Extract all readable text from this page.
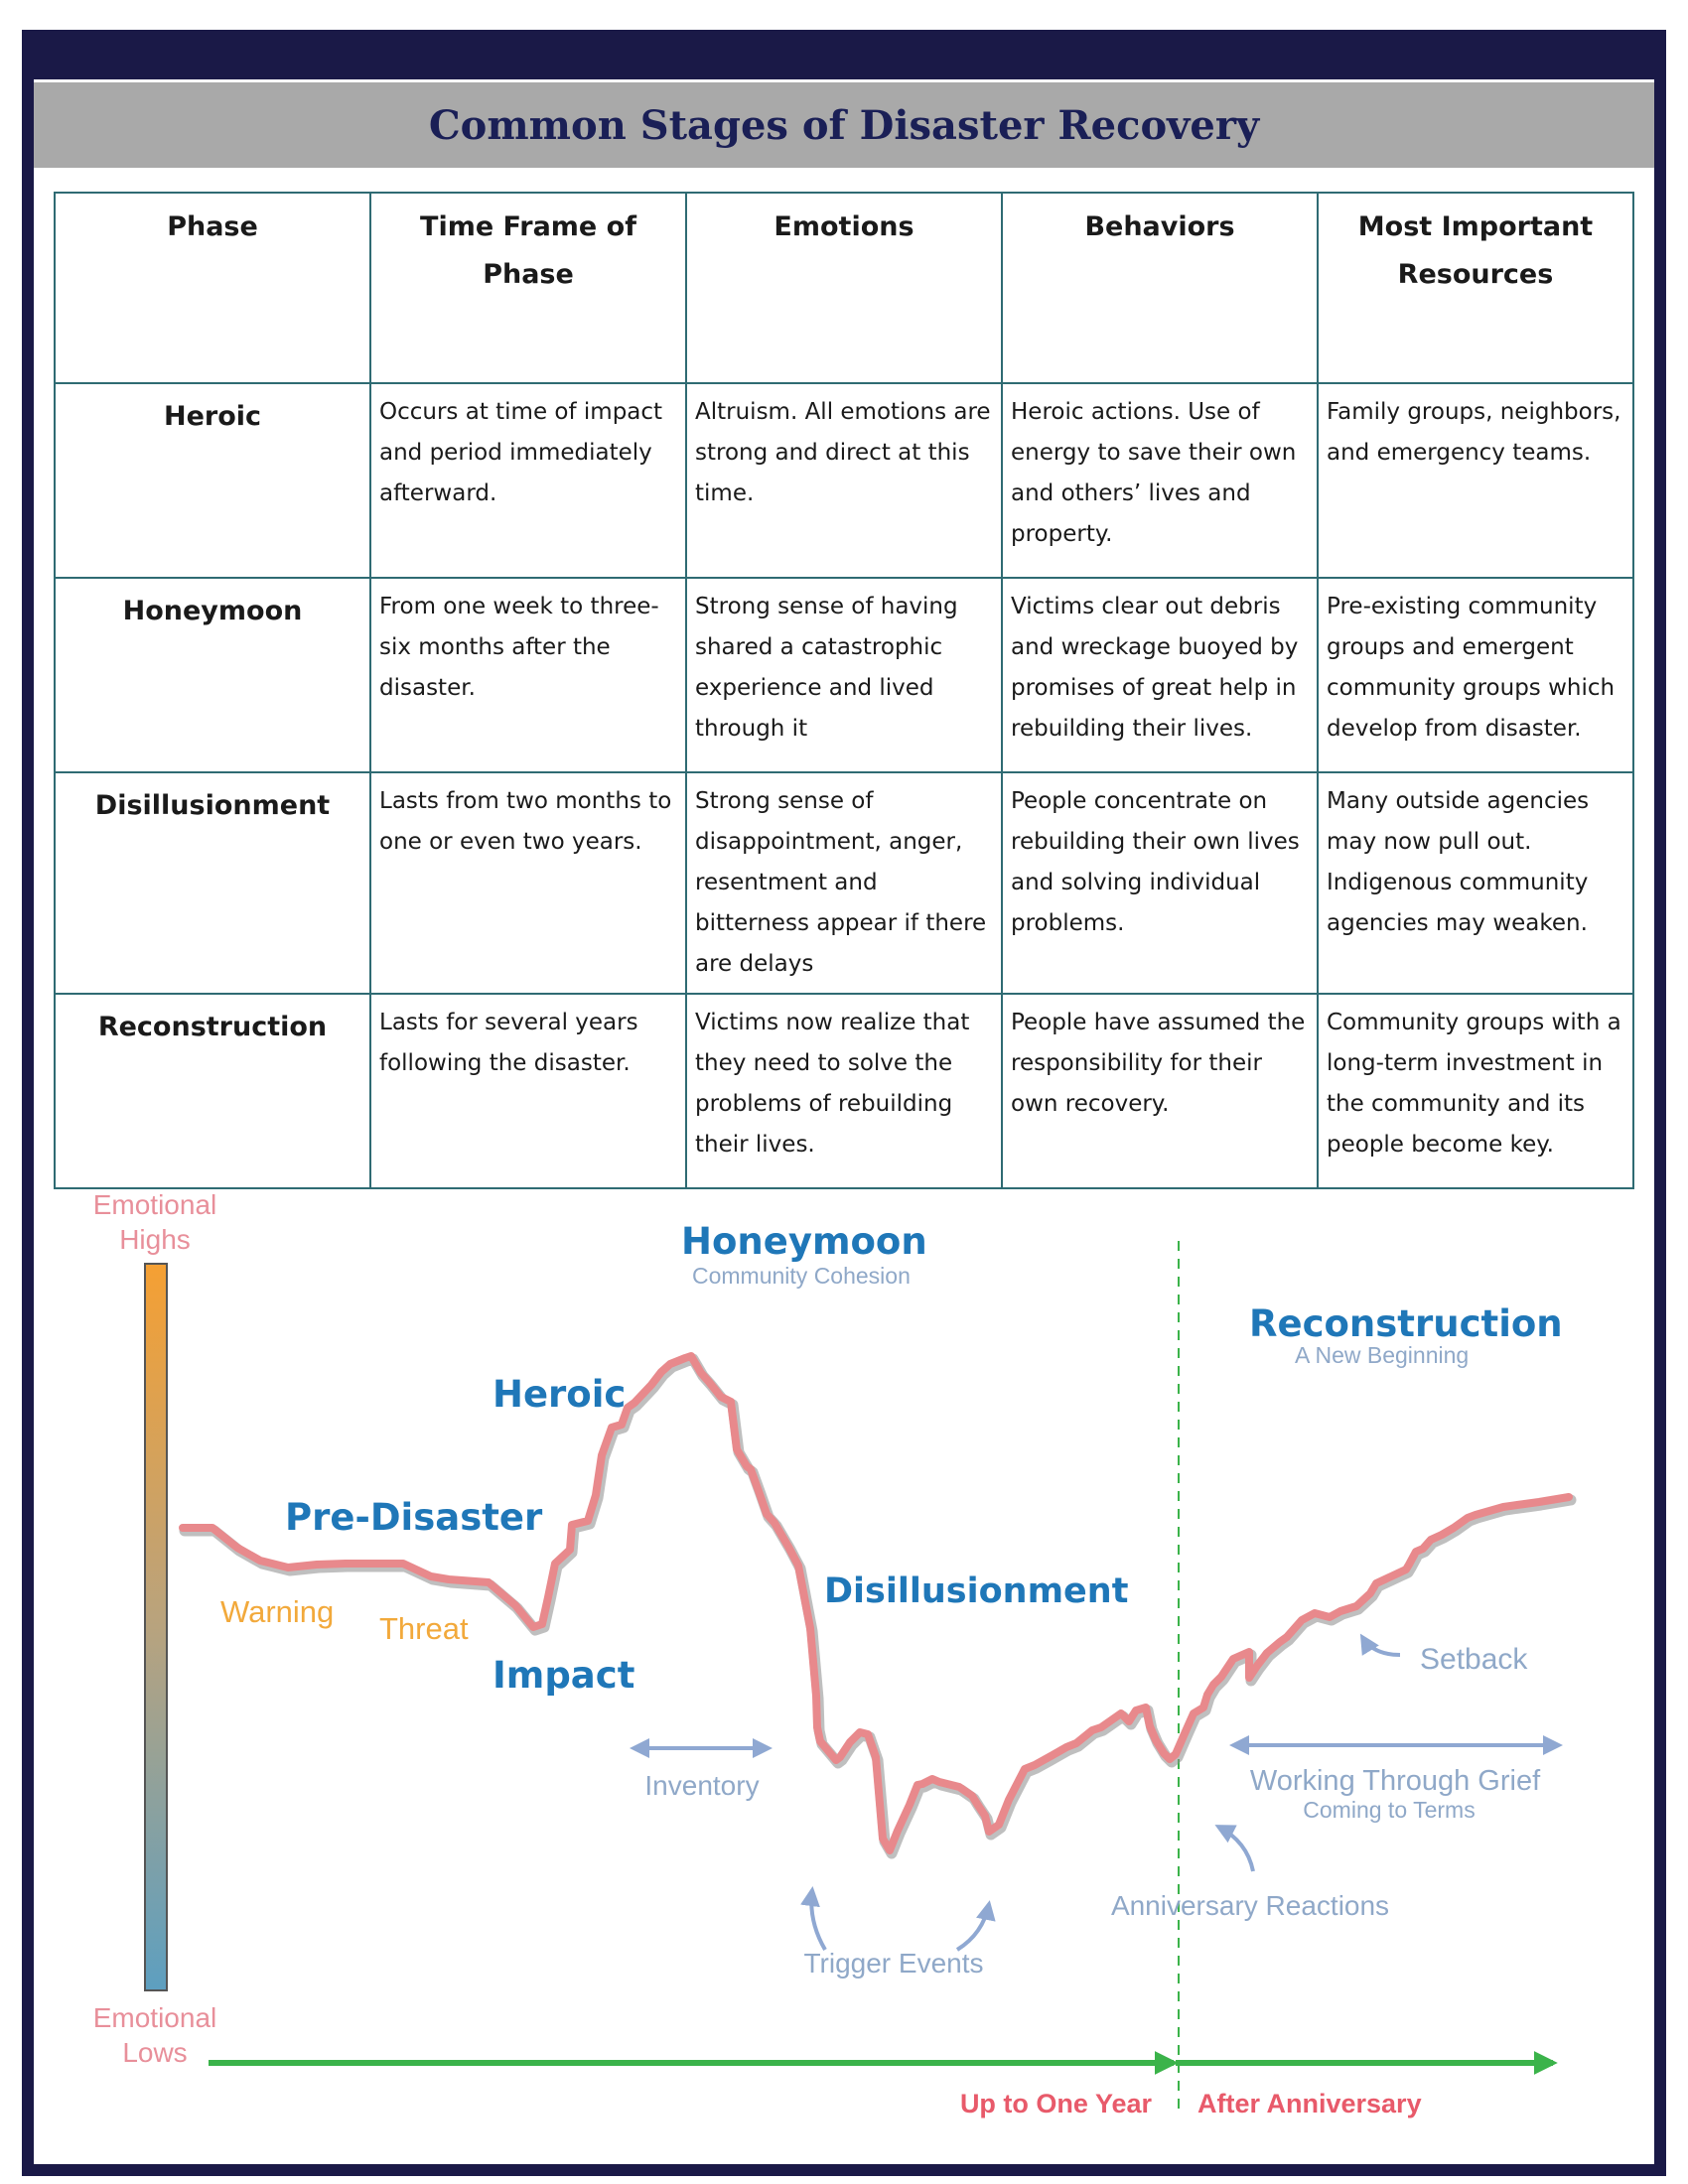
Common Stages of Disaster Recovery
Phase	Time Frame of Phase	Emotions	Behaviors	Most Important Resources
Heroic	Occurs at time of impact and period immediately afterward.	Altruism. All emotions are strong and direct at this time.	Heroic actions. Use of energy to save their own and others’ lives and property.	Family groups, neighbors, and emergency teams.
Honeymoon	From one week to three-six months after the disaster.	Strong sense of having shared a catastrophic experience and lived through it	Victims clear out debris and wreckage buoyed by promises of great help in rebuilding their lives.	Pre-existing community groups and emergent community groups which develop from disaster.
Disillusionment	Lasts from two months to one or even two years.	Strong sense of disappointment, anger, resentment and bitterness appear if there are delays	People concentrate on rebuilding their own lives and solving individual problems.	Many outside agencies may now pull out. Indigenous community agencies may weaken.
Reconstruction	Lasts for several years following the disaster.	Victims now realize that they need to solve the problems of rebuilding their lives.	People have assumed the responsibility for their own recovery.	Community groups with a long-term investment in the community and its people become key.
Emotional
Highs
Emotional
Lows
Up to One Year After Anniversary
Pre-Disaster
Warning Threat
Impact
Heroic
Honeymoon
Community Cohesion
Disillusionment
Reconstruction
A New Beginning
Inventory
Trigger Events
Anniversary Reactions
Setback
Working Through Grief
Coming to Terms
